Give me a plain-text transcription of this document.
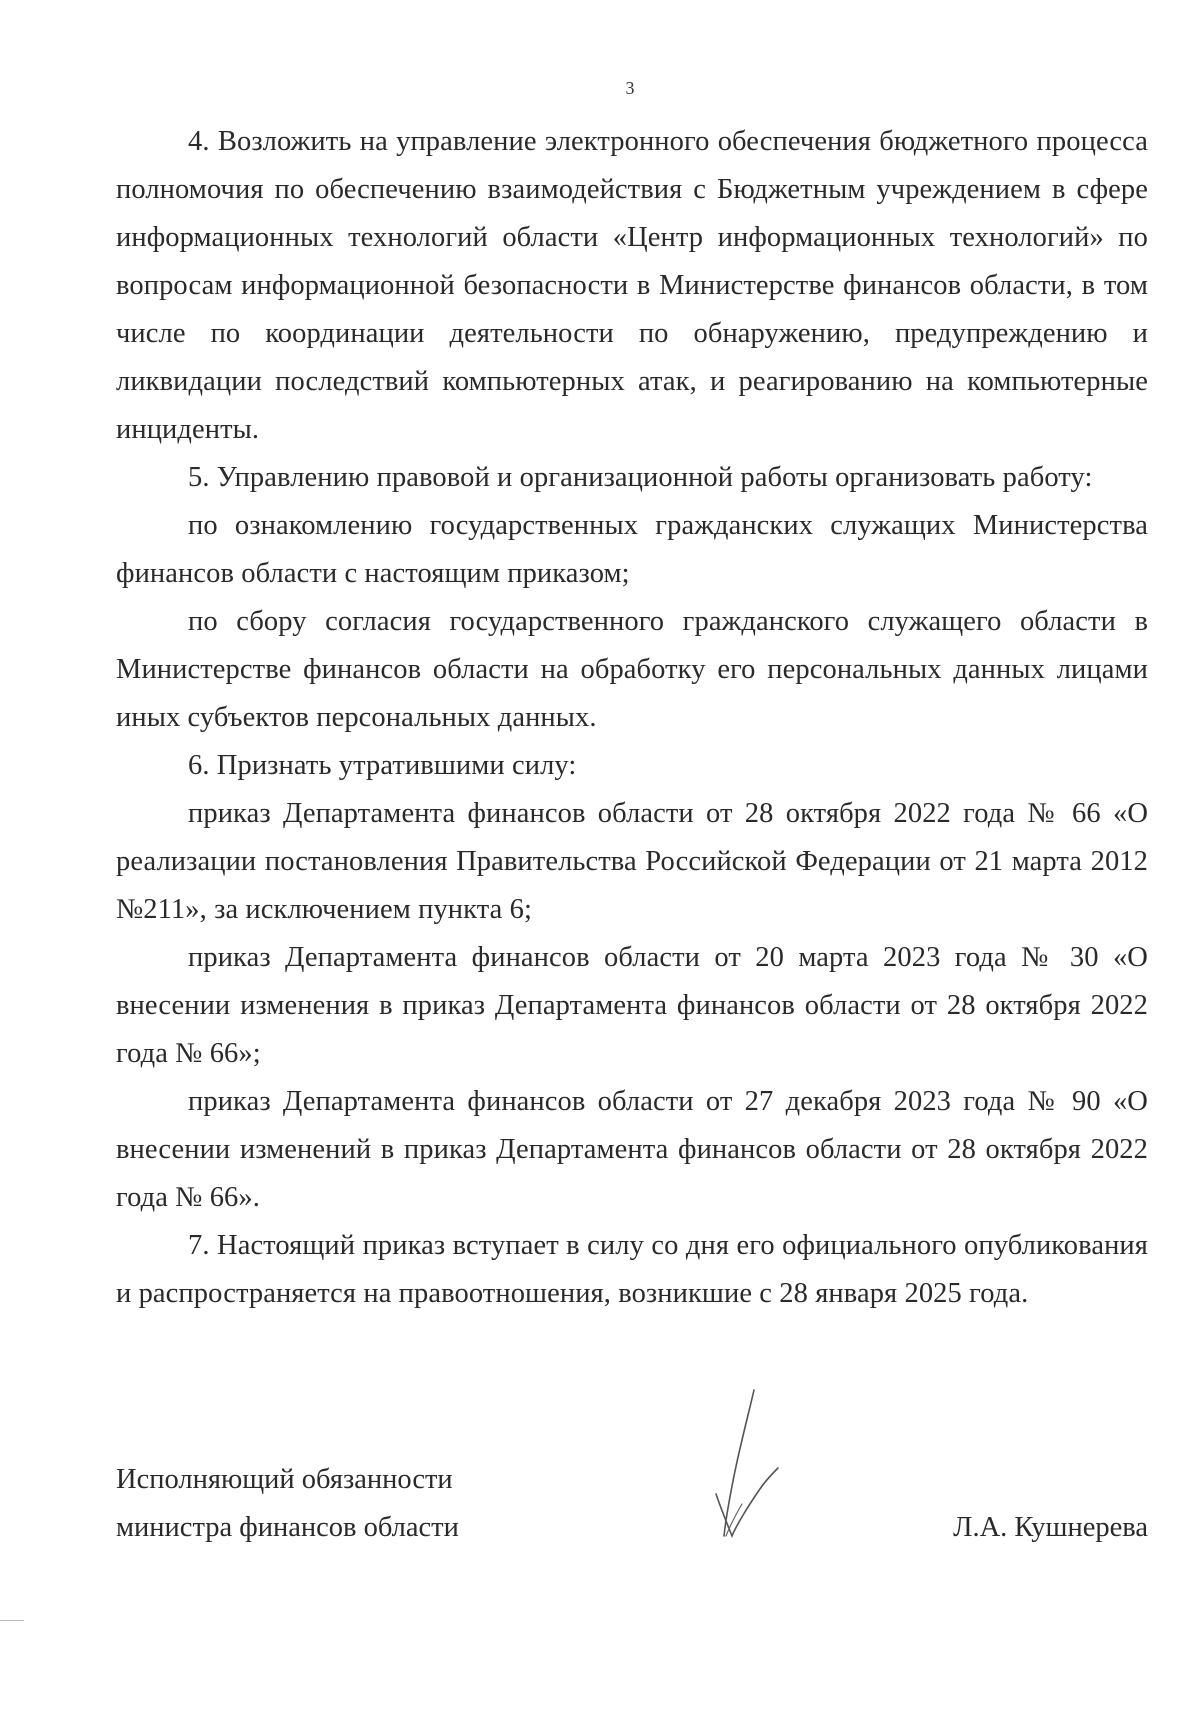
3

4. Возложить на управление электронного обеспечения бюджетного процесса полномочия по обеспечению взаимодействия с Бюджетным учреждением в сфере информационных технологий области «Центр информационных технологий» по вопросам информационной безопасности в Министерстве финансов области, в том числе по координации деятельности по обнаружению, предупреждению и ликвидации последствий компьютерных атак, и реагированию на компьютерные инциденты.

5. Управлению правовой и организационной работы организовать работу:

по ознакомлению государственных гражданских служащих Министерства финансов области с настоящим приказом;

по сбору согласия государственного гражданского служащего области в Министерстве финансов области на обработку его персональных данных лицами иных субъектов персональных данных.

6. Признать утратившими силу:

приказ Департамента финансов области от 28 октября 2022 года № 66 «О реализации постановления Правительства Российской Федерации от 21 марта 2012 №211», за исключением пункта 6;

приказ Департамента финансов области от 20 марта 2023 года № 30 «О внесении изменения в приказ Департамента финансов области от 28 октября 2022 года № 66»;

приказ Департамента финансов области от 27 декабря 2023 года № 90 «О внесении изменений в приказ Департамента финансов области от 28 октября 2022 года № 66».

7. Настоящий приказ вступает в силу со дня его официального опубликования и распространяется на правоотношения, возникшие с 28 января 2025 года.

Исполняющий обязанности
министра финансов области	Л.А. Кушнерева
